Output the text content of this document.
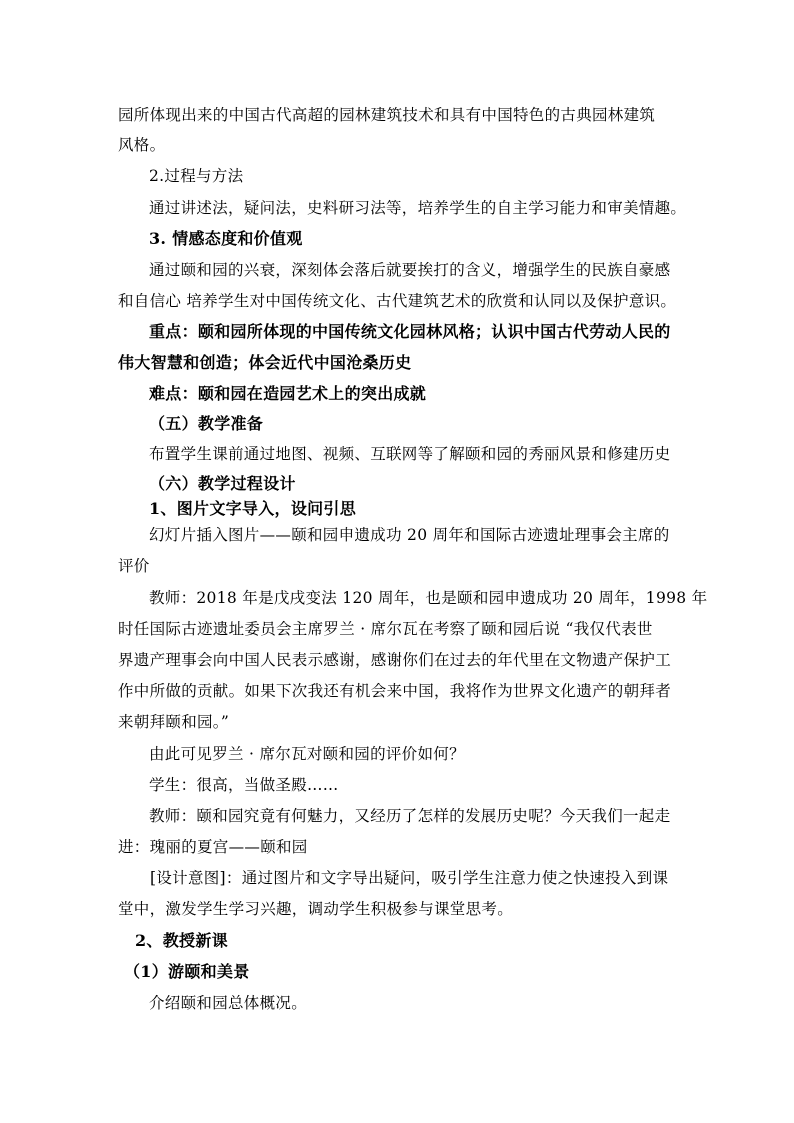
园所体现出来的中国古代高超的园林建筑技术和具有中国特色的古典园林建筑
风格。
2.过程与方法
通过讲述法，疑问法，史料研习法等，培养学生的自主学习能力和审美情趣。
3. 情感态度和价值观
通过颐和园的兴衰，深刻体会落后就要挨打的含义，增强学生的民族自豪感
和自信心 培养学生对中国传统文化、古代建筑艺术的欣赏和认同以及保护意识。
重点：颐和园所体现的中国传统文化园林风格；认识中国古代劳动人民的
伟大智慧和创造；体会近代中国沧桑历史
难点：颐和园在造园艺术上的突出成就
（五）教学准备
布置学生课前通过地图、视频、互联网等了解颐和园的秀丽风景和修建历史
（六）教学过程设计
1、图片文字导入，设问引思
幻灯片插入图片——颐和园申遗成功 20 周年和国际古迹遗址理事会主席的
评价
教师：2018 年是戊戌变法 120 周年，也是颐和园申遗成功 20 周年，1998 年
时任国际古迹遗址委员会主席罗兰 · 席尔瓦在考察了颐和园后说 “我仅代表世
界遗产理事会向中国人民表示感谢，感谢你们在过去的年代里在文物遗产保护工
作中所做的贡献。如果下次我还有机会来中国，我将作为世界文化遗产的朝拜者
来朝拜颐和园。”
由此可见罗兰 · 席尔瓦对颐和园的评价如何？
学生：很高，当做圣殿……
教师：颐和园究竟有何魅力，又经历了怎样的发展历史呢？今天我们一起走
进：瑰丽的夏宫——颐和园
[设计意图]：通过图片和文字导出疑问，吸引学生注意力使之快速投入到课
堂中，激发学生学习兴趣，调动学生积极参与课堂思考。
2、教授新课
（1）游颐和美景
介绍颐和园总体概况。
